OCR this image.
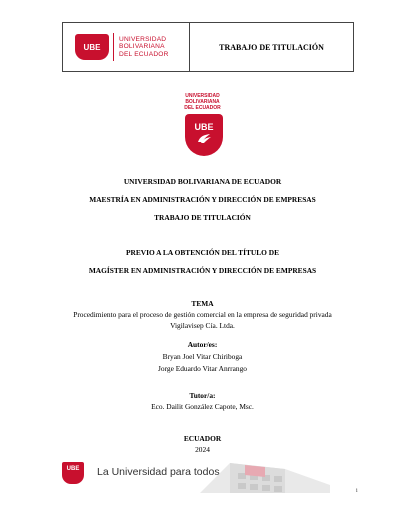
UBE
UNIVERSIDAD
BOLIVARIANA
DEL ECUADOR
TRABAJO DE TITULACIÓN
UNIVERSIDAD
BOLIVARIANA
DEL ECUADOR
UBE
UNIVERSIDAD BOLIVARIANA DE ECUADOR
MAESTRÍA EN ADMINISTRACIÓN Y DIRECCIÓN DE EMPRESAS
TRABAJO DE TITULACIÓN
PREVIO A LA OBTENCIÓN DEL TÍTULO DE
MAGÍSTER EN ADMINISTRACIÓN Y DIRECCIÓN DE EMPRESAS
TEMA
Procedimiento para el proceso de gestión comercial en la empresa de seguridad privada
Vigilavisep Cía. Ltda.
Autor/es:
Bryan Joel Vitar Chiriboga
Jorge Eduardo Vitar Anrrango
Tutor/a:
Eco. Dailit González Capote, Msc.
ECUADOR
2024
UBE La Universidad para todos
i
